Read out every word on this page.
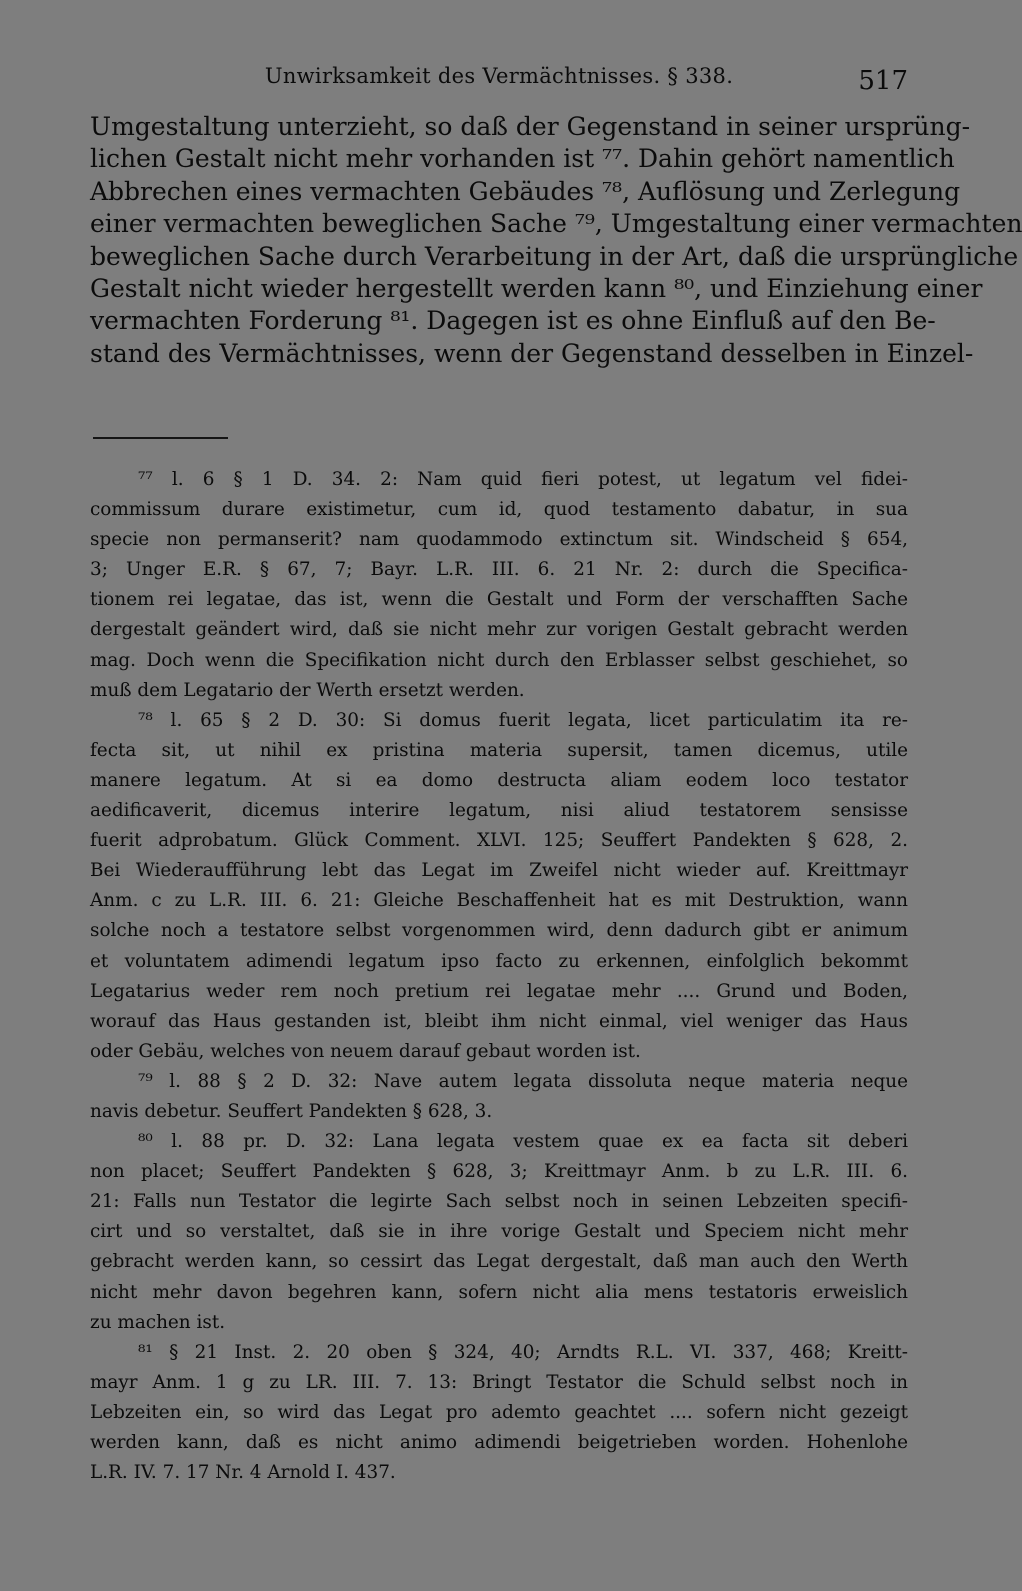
Unwirksamkeit des Vermächtnisses. § 338.	517
Umgestaltung unterzieht, so daß der Gegenstand in seiner ursprüng-
lichen Gestalt nicht mehr vorhanden ist ⁷⁷. Dahin gehört namentlich
Abbrechen eines vermachten Gebäudes ⁷⁸, Auflösung und Zerlegung
einer vermachten beweglichen Sache ⁷⁹, Umgestaltung einer vermachten
beweglichen Sache durch Verarbeitung in der Art, daß die ursprüngliche
Gestalt nicht wieder hergestellt werden kann ⁸⁰, und Einziehung einer
vermachten Forderung ⁸¹. Dagegen ist es ohne Einfluß auf den Be-
stand des Vermächtnisses, wenn der Gegenstand desselben in Einzel-
⁷⁷ l. 6 § 1 D. 34. 2: Nam quid fieri potest, ut legatum vel fidei-
commissum durare existimetur, cum id, quod testamento dabatur, in sua
specie non permanserit? nam quodammodo extinctum sit. Windscheid § 654,
3; Unger E.R. § 67, 7; Bayr. L.R. III. 6. 21 Nr. 2: durch die Specifica-
tionem rei legatae, das ist, wenn die Gestalt und Form der verschafften Sache
dergestalt geändert wird, daß sie nicht mehr zur vorigen Gestalt gebracht werden
mag. Doch wenn die Specifikation nicht durch den Erblasser selbst geschiehet, so
muß dem Legatario der Werth ersetzt werden.
⁷⁸ l. 65 § 2 D. 30: Si domus fuerit legata, licet particulatim ita re-
fecta sit, ut nihil ex pristina materia supersit, tamen dicemus, utile
manere legatum. At si ea domo destructa aliam eodem loco testator
aedificaverit, dicemus interire legatum, nisi aliud testatorem sensisse
fuerit adprobatum. Glück Comment. XLVI. 125; Seuffert Pandekten § 628, 2.
Bei Wiederaufführung lebt das Legat im Zweifel nicht wieder auf. Kreittmayr
Anm. c zu L.R. III. 6. 21: Gleiche Beschaffenheit hat es mit Destruktion, wann
solche noch a testatore selbst vorgenommen wird, denn dadurch gibt er animum
et voluntatem adimendi legatum ipso facto zu erkennen, einfolglich bekommt
Legatarius weder rem noch pretium rei legatae mehr .... Grund und Boden,
worauf das Haus gestanden ist, bleibt ihm nicht einmal, viel weniger das Haus
oder Gebäu, welches von neuem darauf gebaut worden ist.
⁷⁹ l. 88 § 2 D. 32: Nave autem legata dissoluta neque materia neque
navis debetur. Seuffert Pandekten § 628, 3.
⁸⁰ l. 88 pr. D. 32: Lana legata vestem quae ex ea facta sit deberi
non placet; Seuffert Pandekten § 628, 3; Kreittmayr Anm. b zu L.R. III. 6.
21: Falls nun Testator die legirte Sach selbst noch in seinen Lebzeiten specifi-
cirt und so verstaltet, daß sie in ihre vorige Gestalt und Speciem nicht mehr
gebracht werden kann, so cessirt das Legat dergestalt, daß man auch den Werth
nicht mehr davon begehren kann, sofern nicht alia mens testatoris erweislich
zu machen ist.
⁸¹ § 21 Inst. 2. 20 oben § 324, 40; Arndts R.L. VI. 337, 468; Kreitt-
mayr Anm. 1 g zu LR. III. 7. 13: Bringt Testator die Schuld selbst noch in
Lebzeiten ein, so wird das Legat pro ademto geachtet .... sofern nicht gezeigt
werden kann, daß es nicht animo adimendi beigetrieben worden. Hohenlohe
L.R. IV. 7. 17 Nr. 4 Arnold I. 437.
